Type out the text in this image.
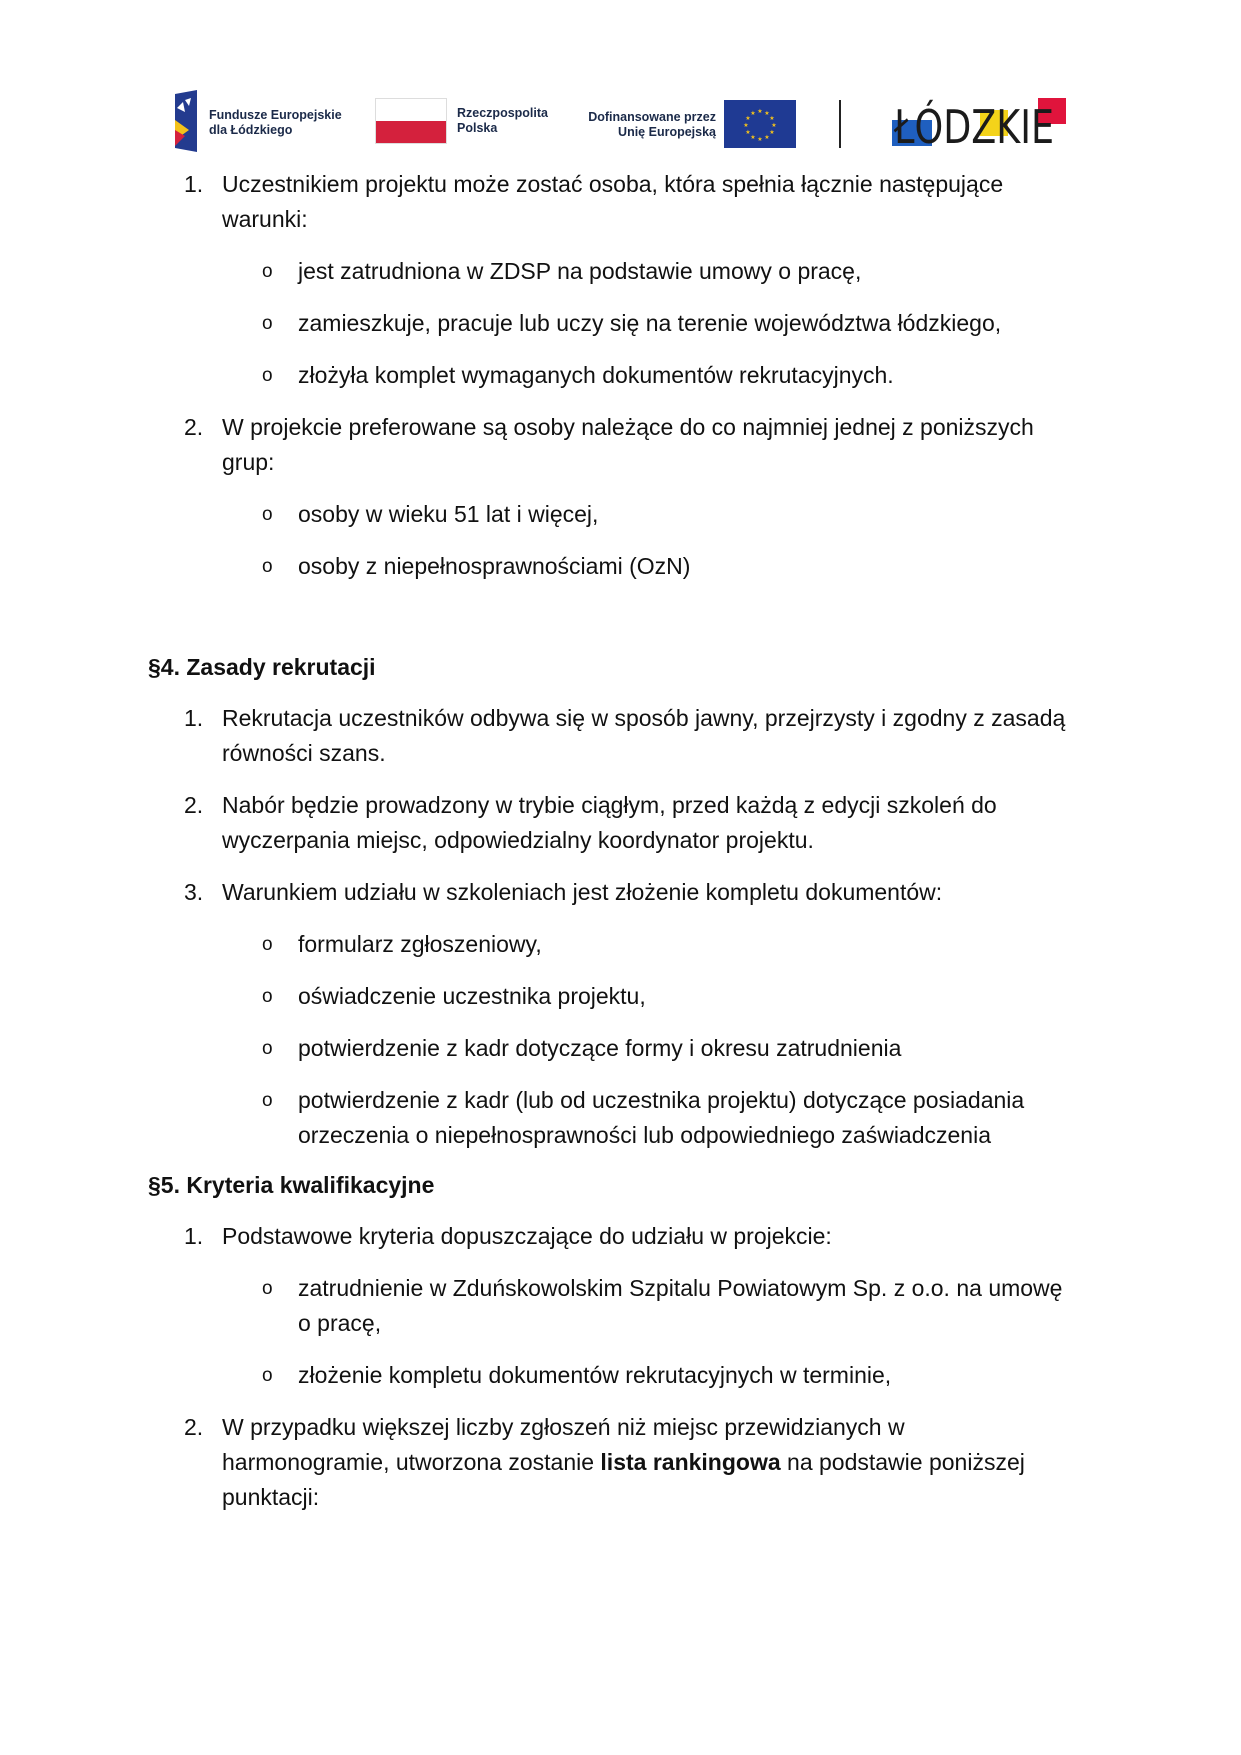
Fundusze Europejskie
dla Łódzkiego
Rzeczpospolita
Polska
Dofinansowane przez
Unię Europejską
★ ★
★
★
★
★
★
★
★
★
★
★	ŁÓDZKIE
1. Uczestnikiem projektu może zostać osoba, która spełnia łącznie następujące
warunki:
o jest zatrudniona w ZDSP na podstawie umowy o pracę,
o zamieszkuje, pracuje lub uczy się na terenie województwa łódzkiego,
o złożyła komplet wymaganych dokumentów rekrutacyjnych.
2. W projekcie preferowane są osoby należące do co najmniej jednej z poniższych
grup:
o osoby w wieku 51 lat i więcej,
o osoby z niepełnosprawnościami (OzN)
§4. Zasady rekrutacji
1. Rekrutacja uczestników odbywa się w sposób jawny, przejrzysty i zgodny z zasadą
równości szans.
2. Nabór będzie prowadzony w trybie ciągłym, przed każdą z edycji szkoleń do
wyczerpania miejsc, odpowiedzialny koordynator projektu.
3. Warunkiem udziału w szkoleniach jest złożenie kompletu dokumentów:
o formularz zgłoszeniowy,
o oświadczenie uczestnika projektu,
o potwierdzenie z kadr dotyczące formy i okresu zatrudnienia
o potwierdzenie z kadr (lub od uczestnika projektu) dotyczące posiadania
orzeczenia o niepełnosprawności lub odpowiedniego zaświadczenia
§5. Kryteria kwalifikacyjne
1. Podstawowe kryteria dopuszczające do udziału w projekcie:
o zatrudnienie w Zduńskowolskim Szpitalu Powiatowym Sp. z o.o. na umowę
o pracę,
o złożenie kompletu dokumentów rekrutacyjnych w terminie,
2. W przypadku większej liczby zgłoszeń niż miejsc przewidzianych w
harmonogramie, utworzona zostanie lista rankingowa na podstawie poniższej
punktacji:
